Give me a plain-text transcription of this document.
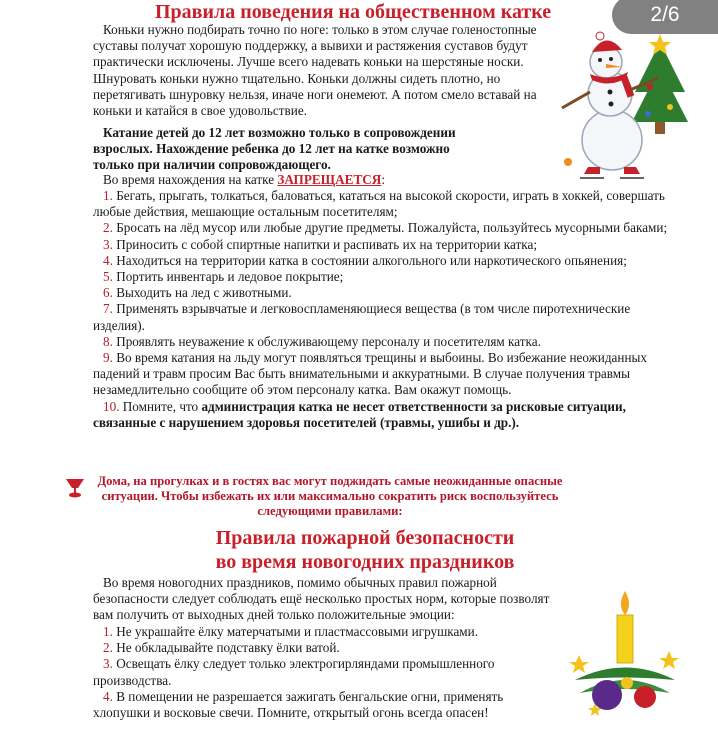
Правила поведения на общественном катке	2/6

Коньки нужно подбирать точно по ноге: только в этом случае голеностопные суставы получат хорошую поддержку, а вывихи и растяжения суставов будут практически исключены. Лучше всего надевать коньки на шерстяные носки. Шнуровать коньки нужно тщательно. Коньки должны сидеть плотно, но перетягивать шнуровку нельзя, иначе ноги онемеют. А потом смело вставай на коньки и катайся в свое удовольствие.

Катание детей до 12 лет возможно только в сопровождении взрослых. Нахождение ребенка до 12 лет на катке возможно только при наличии сопровождающего.

Во время нахождения на катке ЗАПРЕЩАЕТСЯ:

1. Бегать, прыгать, толкаться, баловаться, кататься на высокой скорости, играть в хоккей, совершать любые действия, мешающие остальным посетителям;

2. Бросать на лёд мусор или любые другие предметы. Пожалуйста, пользуйтесь мусорными баками;

3. Приносить с собой спиртные напитки и распивать их на территории катка;

4. Находиться на территории катка в состоянии алкогольного или наркотического опьянения;

5. Портить инвентарь и ледовое покрытие;

6. Выходить на лед с животными.

7. Применять взрывчатые и легковоспламеняющиеся вещества (в том числе пиротехнические изделия).

8. Проявлять неуважение к обслуживающему персоналу и посетителям катка.

9. Во время катания на льду могут появляться трещины и выбоины. Во избежание неожиданных падений и травм просим Вас быть внимательными и аккуратными. В случае получения травмы незамедлительно сообщите об этом персоналу катка. Вам окажут помощь.

10. Помните, что администрация катка не несет ответственности за рисковые ситуации, связанные с нарушением здоровья посетителей (травмы, ушибы и др.).

Дома, на прогулках и в гостях вас могут поджидать самые неожиданные опасные ситуации. Чтобы избежать их или максимально сократить риск воспользуйтесь следующими правилами:
Правила пожарной безопасности
во время новогодних праздников

Во время новогодних праздников, помимо обычных правил пожарной безопасности следует соблюдать ещё несколько простых норм, которые позволят вам получить от выходных дней только положительные эмоции:

1. Не украшайте ёлку матерчатыми и пластмассовыми игрушками.

2. Не обкладывайте подставку ёлки ватой.

3. Освещать ёлку следует только электрогирляндами промышленного производства.

4. В помещении не разрешается зажигать бенгальские огни, применять хлопушки и восковые свечи. Помните, открытый огонь всегда опасен!
